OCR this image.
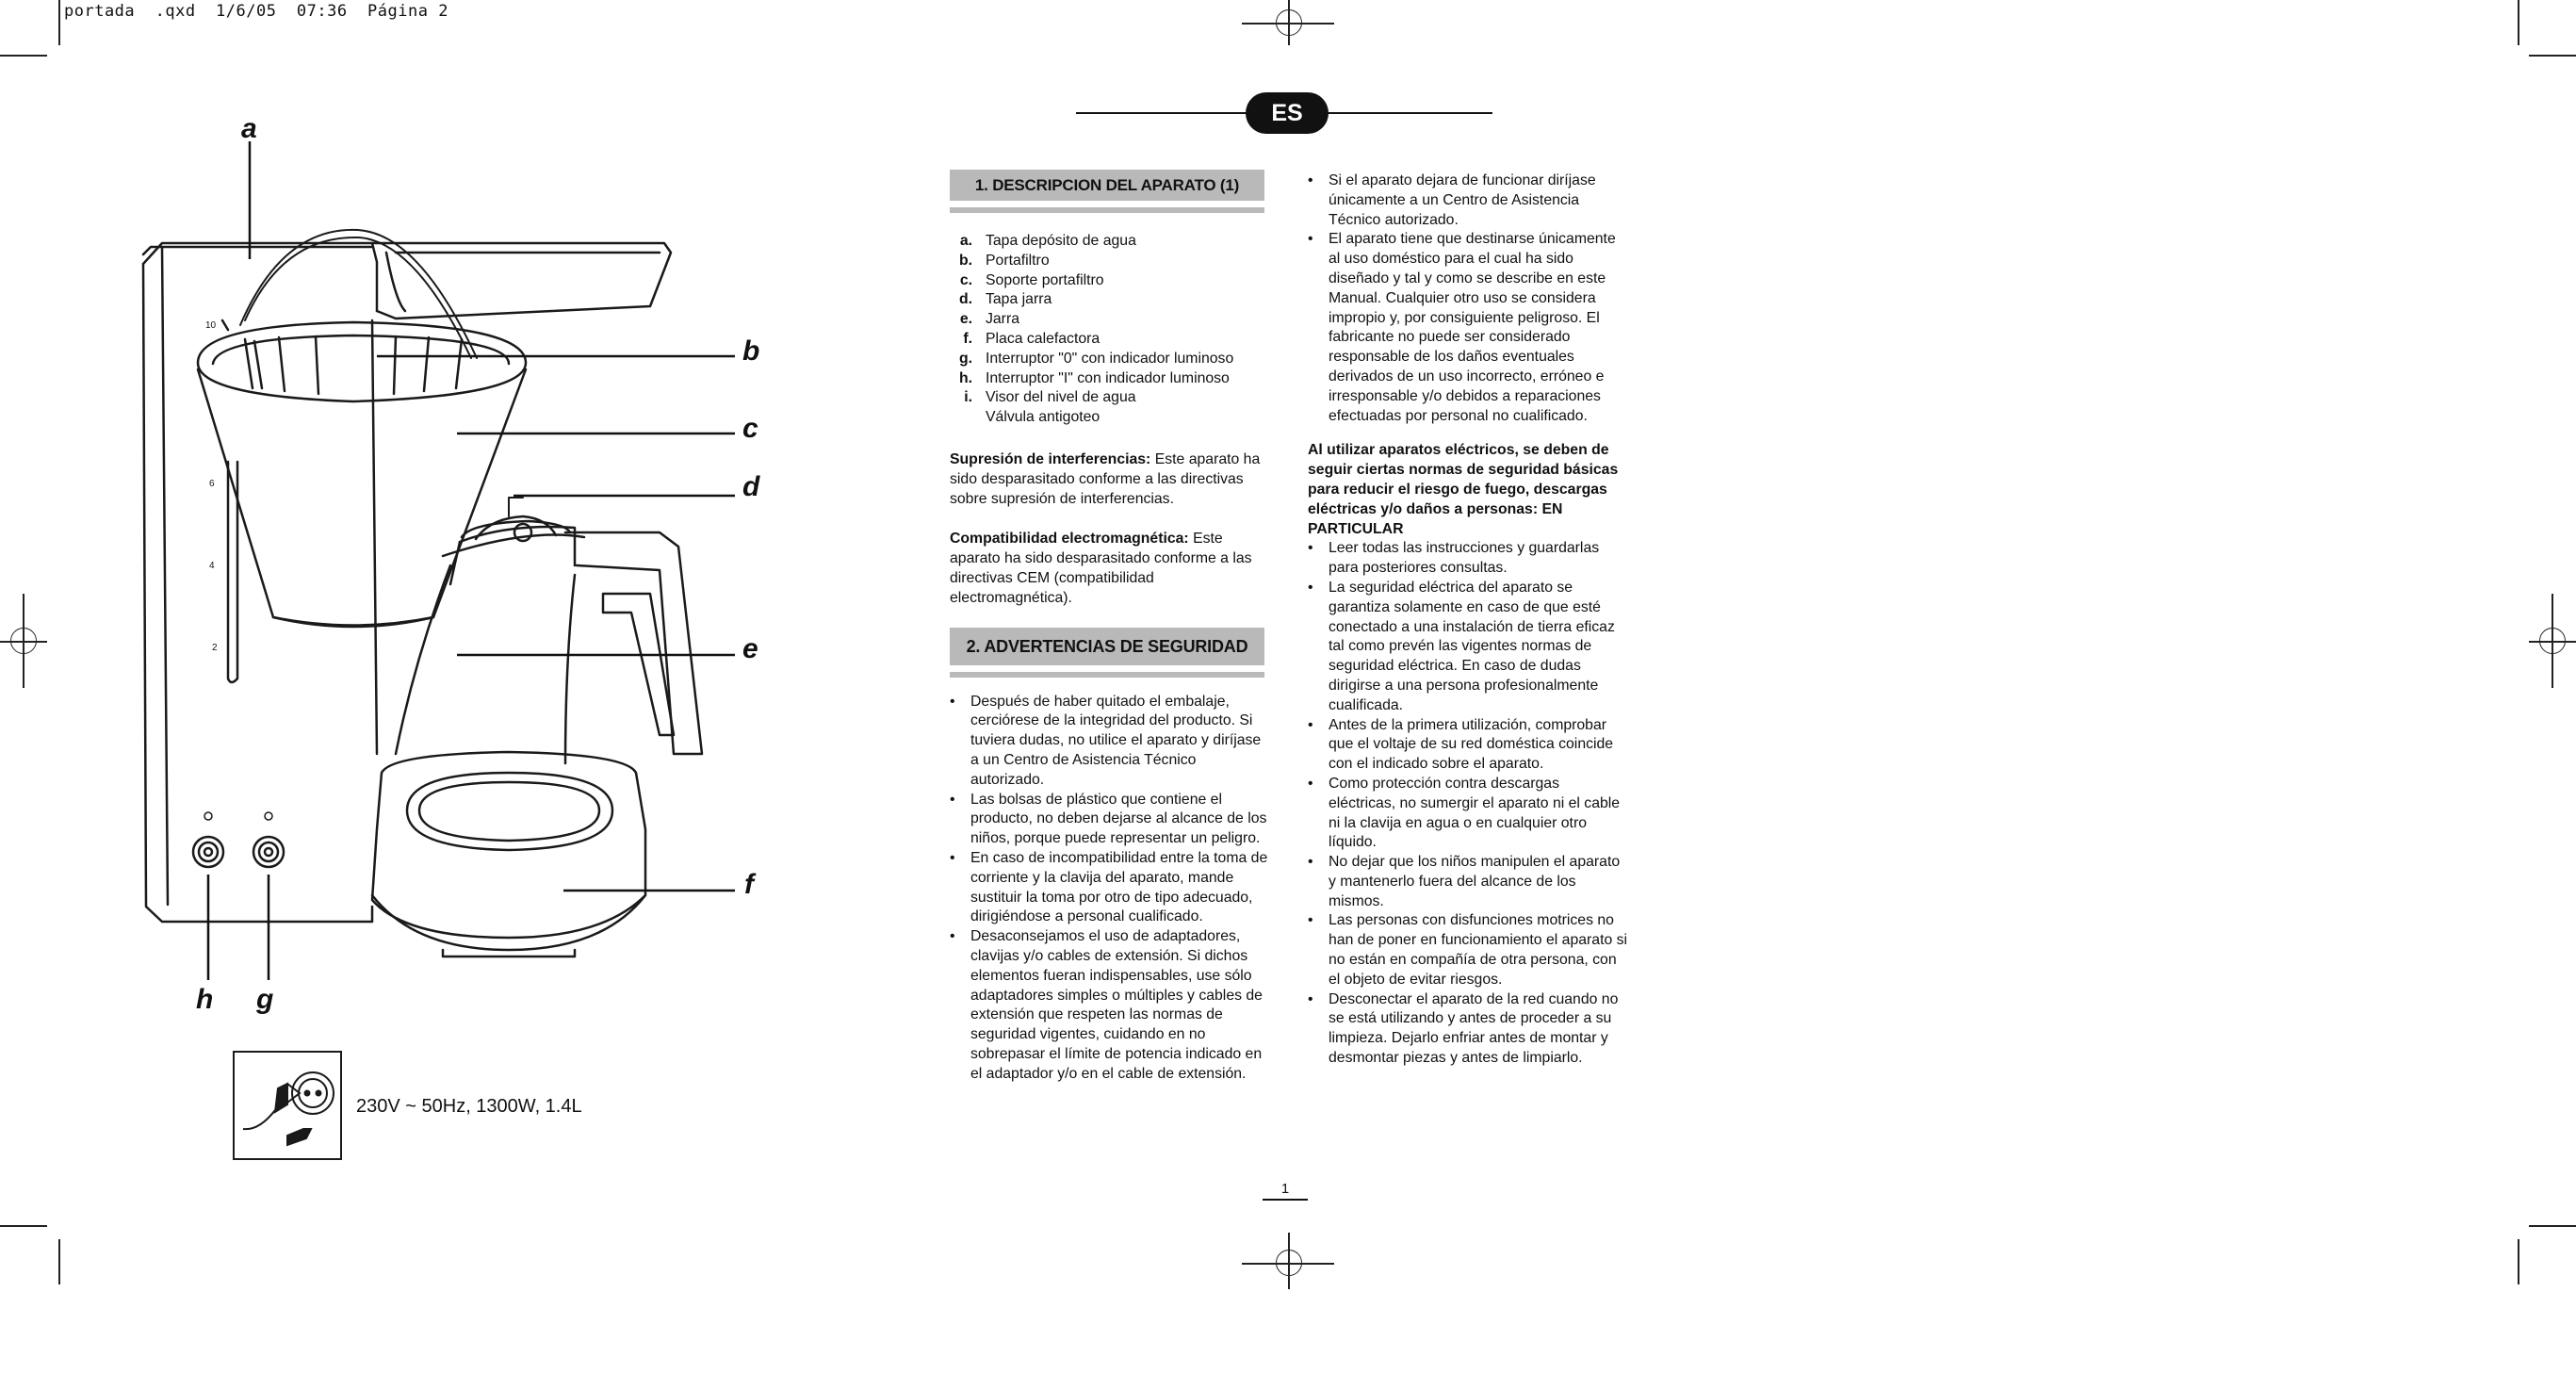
portada  .qxd  1/6/05  07:36  Página 2
10
6
4
2
a
b
c
d
e
f
g
h
230V ~ 50Hz, 1300W, 1.4L
ES
1. DESCRIPCION DEL APARATO (1)
a. Tapa depósito de agua
b. Portafiltro
c. Soporte portafiltro
d. Tapa jarra
e. Jarra
f. Placa calefactora
g. Interruptor "0" con indicador luminoso
h. Interruptor "I" con indicador luminoso
i. Visor del nivel de agua
Válvula antigoteo
Supresión de interferencias: Este aparato ha sido desparasitado conforme a las directivas sobre supresión de interferencias.
Compatibilidad electromagnética: Este aparato ha sido desparasitado conforme a las directivas CEM (compatibilidad electromagnética).
2. ADVERTENCIAS DE SEGURIDAD
•	Después de haber quitado el embalaje, cerciórese de la integridad del producto. Si tuviera dudas, no utilice el aparato y diríjase a un Centro de Asistencia Técnico autorizado.
•	Las bolsas de plástico que contiene el producto, no deben dejarse al alcance de los niños, porque puede representar un peligro.
•	En caso de incompatibilidad entre la toma de corriente y la clavija del aparato, mande sustituir la toma por otro de tipo adecuado, dirigiéndose a personal cualificado.
•	Desaconsejamos el uso de adaptadores, clavijas y/o cables de extensión. Si dichos elementos fueran indispensables, use sólo adaptadores simples o múltiples y cables de extensión que respeten las normas de seguridad vigentes, cuidando en no sobrepasar el límite de potencia indicado en el adaptador y/o en el cable de extensión.
•	Si el aparato dejara de funcionar diríjase únicamente a un Centro de Asistencia Técnico autorizado.
•	El aparato tiene que destinarse únicamente al uso doméstico para el cual ha sido diseñado y tal y como se describe en este Manual. Cualquier otro uso se considera impropio y, por consiguiente peligroso. El fabricante no puede ser considerado responsable de los daños eventuales derivados de un uso incorrecto, erróneo e irresponsable y/o debidos a reparaciones efectuadas por personal no cualificado.
Al utilizar aparatos eléctricos, se deben de seguir ciertas normas de seguridad básicas para reducir el riesgo de fuego, descargas eléctricas y/o daños a personas: EN PARTICULAR
•	Leer todas las instrucciones y guardarlas para posteriores consultas.
•	La seguridad eléctrica del aparato se garantiza solamente en caso de que esté conectado a una instalación de tierra eficaz tal como prevén las vigentes normas de seguridad eléctrica. En caso de dudas dirigirse a una persona profesionalmente cualificada.
•	Antes de la primera utilización, comprobar que el voltaje de su red doméstica coincide con el indicado sobre el aparato.
•	Como protección contra descargas eléctricas, no sumergir el aparato ni el cable ni la clavija en agua o en cualquier otro líquido.
•	No dejar que los niños manipulen el aparato y mantenerlo fuera del alcance de los mismos.
•	Las personas con disfunciones motrices no han de poner en funcionamiento el aparato si no están en compañía de otra persona, con el objeto de evitar riesgos.
•	Desconectar el aparato de la red cuando no se está utilizando y antes de proceder a su limpieza. Dejarlo enfriar antes de montar y desmontar piezas y antes de limpiarlo.
1
